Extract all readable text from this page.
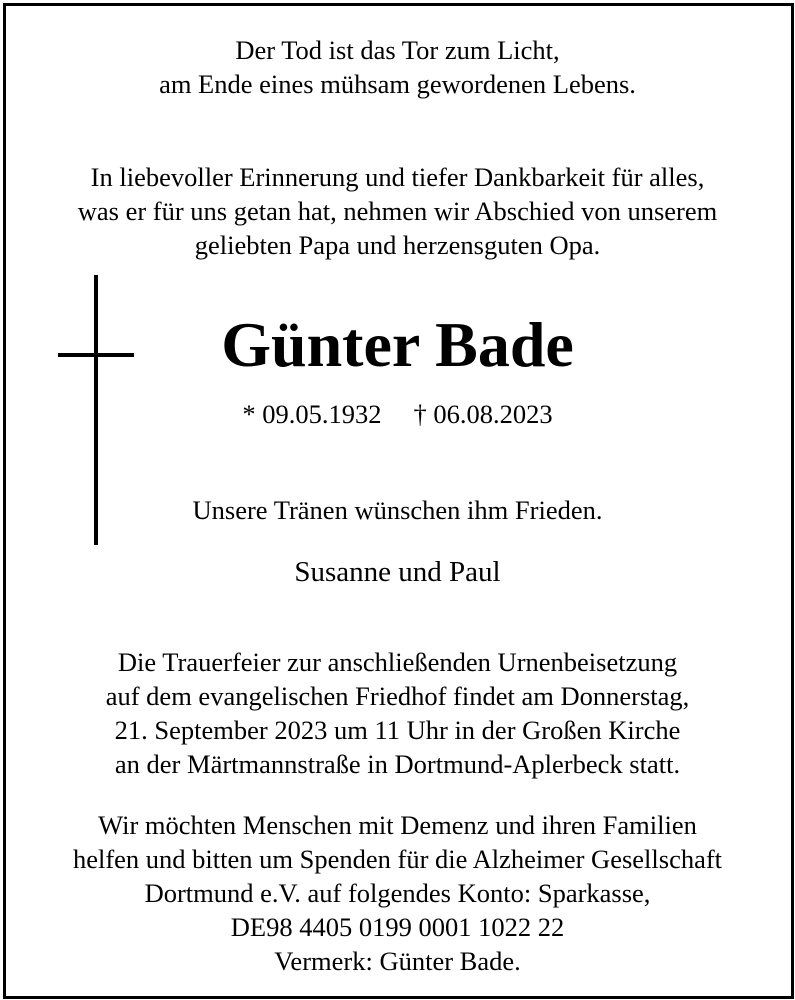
Der Tod ist das Tor zum Licht,
am Ende eines mühsam gewordenen Lebens.
In liebevoller Erinnerung und tiefer Dankbarkeit für alles,
was er für uns getan hat, nehmen wir Abschied von unserem
geliebten Papa und herzensguten Opa.
Günter Bade
* 09.05.1932 † 06.08.2023
Unsere Tränen wünschen ihm Frieden.
Susanne und Paul
Die Trauerfeier zur anschließenden Urnenbeisetzung
auf dem evangelischen Friedhof findet am Donnerstag,
21. September 2023 um 11 Uhr in der Großen Kirche
an der Märtmannstraße in Dortmund-Aplerbeck statt.
Wir möchten Menschen mit Demenz und ihren Familien
helfen und bitten um Spenden für die Alzheimer Gesellschaft
Dortmund e.V. auf folgendes Konto: Sparkasse,
DE98 4405 0199 0001 1022 22
Vermerk: Günter Bade.
